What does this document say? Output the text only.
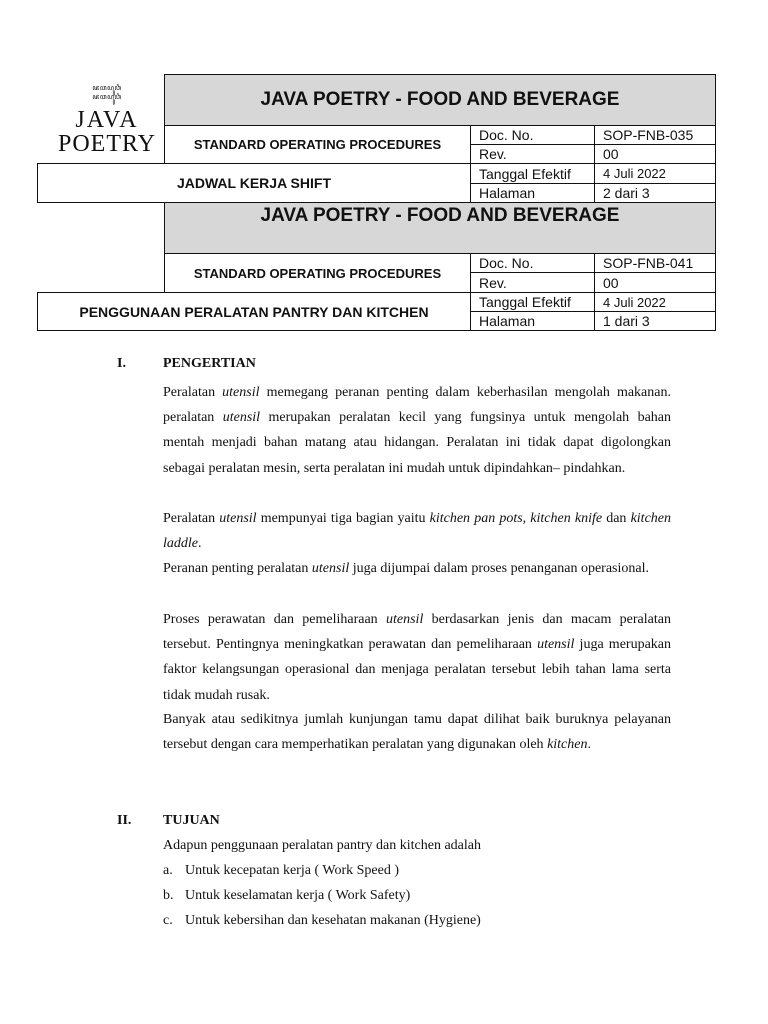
ꦗꦮꦥꦸꦮꦶ
ꦗꦮꦥꦸꦮꦶ
JAVA
POETRY
JAVA POETRY - FOOD AND BEVERAGE
STANDARD OPERATING PROCEDURES
JADWAL KERJA SHIFT
Doc. No.	SOP-FNB-035
Rev.	00
Tanggal Efektif	4 Juli 2022
Halaman	2 dari 3
JAVA POETRY - FOOD AND BEVERAGE
STANDARD OPERATING PROCEDURES
PENGGUNAAN PERALATAN PANTRY DAN KITCHEN
Doc. No.	SOP-FNB-041
Rev.	00
Tanggal Efektif	4 Juli 2022
Halaman	1 dari 3
I.	PENGERTIAN

Peralatan utensil memegang peranan penting dalam keberhasilan mengolah makanan. peralatan utensil merupakan peralatan kecil yang fungsinya untuk mengolah bahan mentah menjadi bahan matang atau hidangan. Peralatan ini tidak dapat digolongkan sebagai peralatan mesin, serta peralatan ini mudah untuk dipindahkan– pindahkan.

Peralatan utensil mempunyai tiga bagian yaitu kitchen pan pots, kitchen knife dan kitchen laddle.

Peranan penting peralatan utensil juga dijumpai dalam proses penanganan operasional.

Proses perawatan dan pemeliharaan utensil berdasarkan jenis dan macam peralatan tersebut. Pentingnya meningkatkan perawatan dan pemeliharaan utensil juga merupakan faktor kelangsungan operasional dan menjaga peralatan tersebut lebih tahan lama serta tidak mudah rusak.

Banyak atau sedikitnya jumlah kunjungan tamu dapat dilihat baik buruknya pelayanan tersebut dengan cara memperhatikan peralatan yang digunakan oleh kitchen.

II. TUJUAN
Adapun penggunaan peralatan pantry dan kitchen adalah
a. Untuk kecepatan kerja ( Work Speed )
b. Untuk keselamatan kerja ( Work Safety)
c. Untuk kebersihan dan kesehatan makanan (Hygiene)
